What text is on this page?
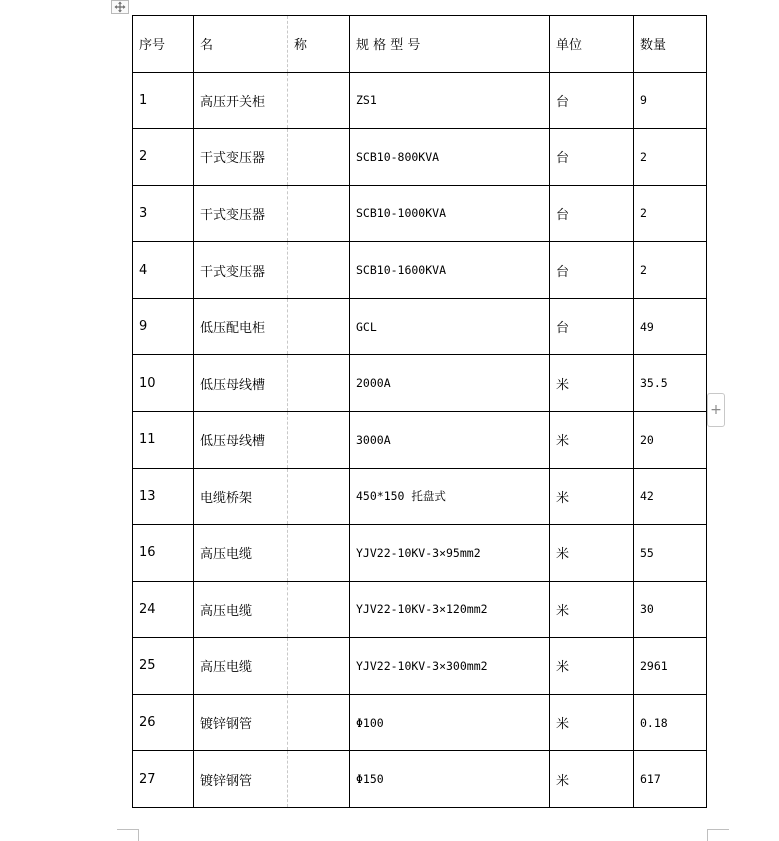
序号	名	称	规 格 型 号	单位	数量
1	高压开关柜		ZS1	台	9
2	干式变压器		SCB10-800KVA	台	2
3	干式变压器		SCB10-1000KVA	台	2
4	干式变压器		SCB10-1600KVA	台	2
9	低压配电柜		GCL	台	49
10	低压母线槽		2000A	米	35.5
11	低压母线槽		3000A	米	20
13	电缆桥架		450*150 托盘式	米	42
16	高压电缆		YJV22-10KV-3×95mm2	米	55
24	高压电缆		YJV22-10KV-3×120mm2	米	30
25	高压电缆		YJV22-10KV-3×300mm2	米	2961
26	镀锌钢管		Φ100	米	0.18
27	镀锌钢管		Φ150	米	617
+
